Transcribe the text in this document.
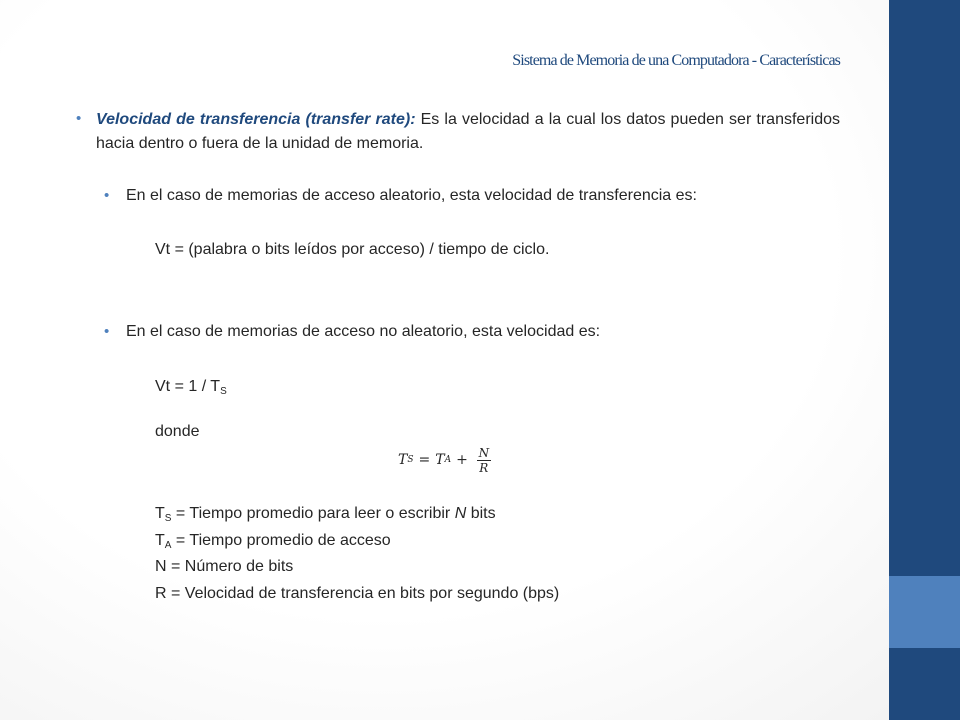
Sistema de Memoria de una Computadora - Características
• Velocidad de transferencia (transfer rate): Es la velocidad a la cual los datos pueden ser transferidos hacia dentro o fuera de la unidad de memoria.
• En el caso de memorias de acceso aleatorio, esta velocidad de transferencia es:
Vt = (palabra o bits leídos por acceso) / tiempo de ciclo.
• En el caso de memorias de acceso no aleatorio, esta velocidad es:
$Vt = 1 / T_S$
donde
T S = T $A + \frac{N}{R}$
$T_S$ = Tiempo promedio para leer o escribir N bits
$T_A$ = Tiempo promedio de acceso
N = Número de bits
R = Velocidad de transferencia en bits por segundo (bps)
